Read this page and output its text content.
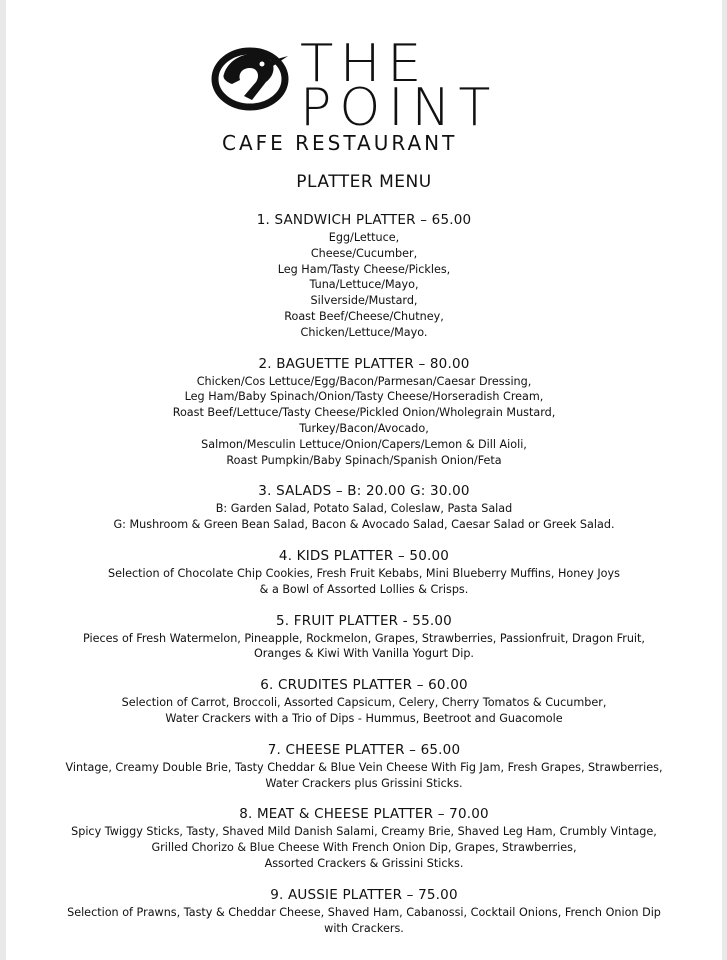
THE
POINT
CAFE RESTAURANT
PLATTER MENU
1. SANDWICH PLATTER – 65.00
Egg/Lettuce,
Cheese/Cucumber,
Leg Ham/Tasty Cheese/Pickles,
Tuna/Lettuce/Mayo,
Silverside/Mustard,
Roast Beef/Cheese/Chutney,
Chicken/Lettuce/Mayo.
2. BAGUETTE PLATTER – 80.00
Chicken/Cos Lettuce/Egg/Bacon/Parmesan/Caesar Dressing,
Leg Ham/Baby Spinach/Onion/Tasty Cheese/Horseradish Cream,
Roast Beef/Lettuce/Tasty Cheese/Pickled Onion/Wholegrain Mustard,
Turkey/Bacon/Avocado,
Salmon/Mesculin Lettuce/Onion/Capers/Lemon & Dill Aioli,
Roast Pumpkin/Baby Spinach/Spanish Onion/Feta
3. SALADS – B: 20.00 G: 30.00
B: Garden Salad, Potato Salad, Coleslaw, Pasta Salad
G: Mushroom & Green Bean Salad, Bacon & Avocado Salad, Caesar Salad or Greek Salad.
4. KIDS PLATTER – 50.00
Selection of Chocolate Chip Cookies, Fresh Fruit Kebabs, Mini Blueberry Muffins, Honey Joys
& a Bowl of Assorted Lollies & Crisps.
5. FRUIT PLATTER - 55.00
Pieces of Fresh Watermelon, Pineapple, Rockmelon, Grapes, Strawberries, Passionfruit, Dragon Fruit,
Oranges & Kiwi With Vanilla Yogurt Dip.
6. CRUDITES PLATTER – 60.00
Selection of Carrot, Broccoli, Assorted Capsicum, Celery, Cherry Tomatos & Cucumber,
Water Crackers with a Trio of Dips - Hummus, Beetroot and Guacomole
7. CHEESE PLATTER – 65.00
Vintage, Creamy Double Brie, Tasty Cheddar & Blue Vein Cheese With Fig Jam, Fresh Grapes, Strawberries,
Water Crackers plus Grissini Sticks.
8. MEAT & CHEESE PLATTER – 70.00
Spicy Twiggy Sticks, Tasty, Shaved Mild Danish Salami, Creamy Brie, Shaved Leg Ham, Crumbly Vintage,
Grilled Chorizo & Blue Cheese With French Onion Dip, Grapes, Strawberries,
Assorted Crackers & Grissini Sticks.
9. AUSSIE PLATTER – 75.00
Selection of Prawns, Tasty & Cheddar Cheese, Shaved Ham, Cabanossi, Cocktail Onions, French Onion Dip
with Crackers.
